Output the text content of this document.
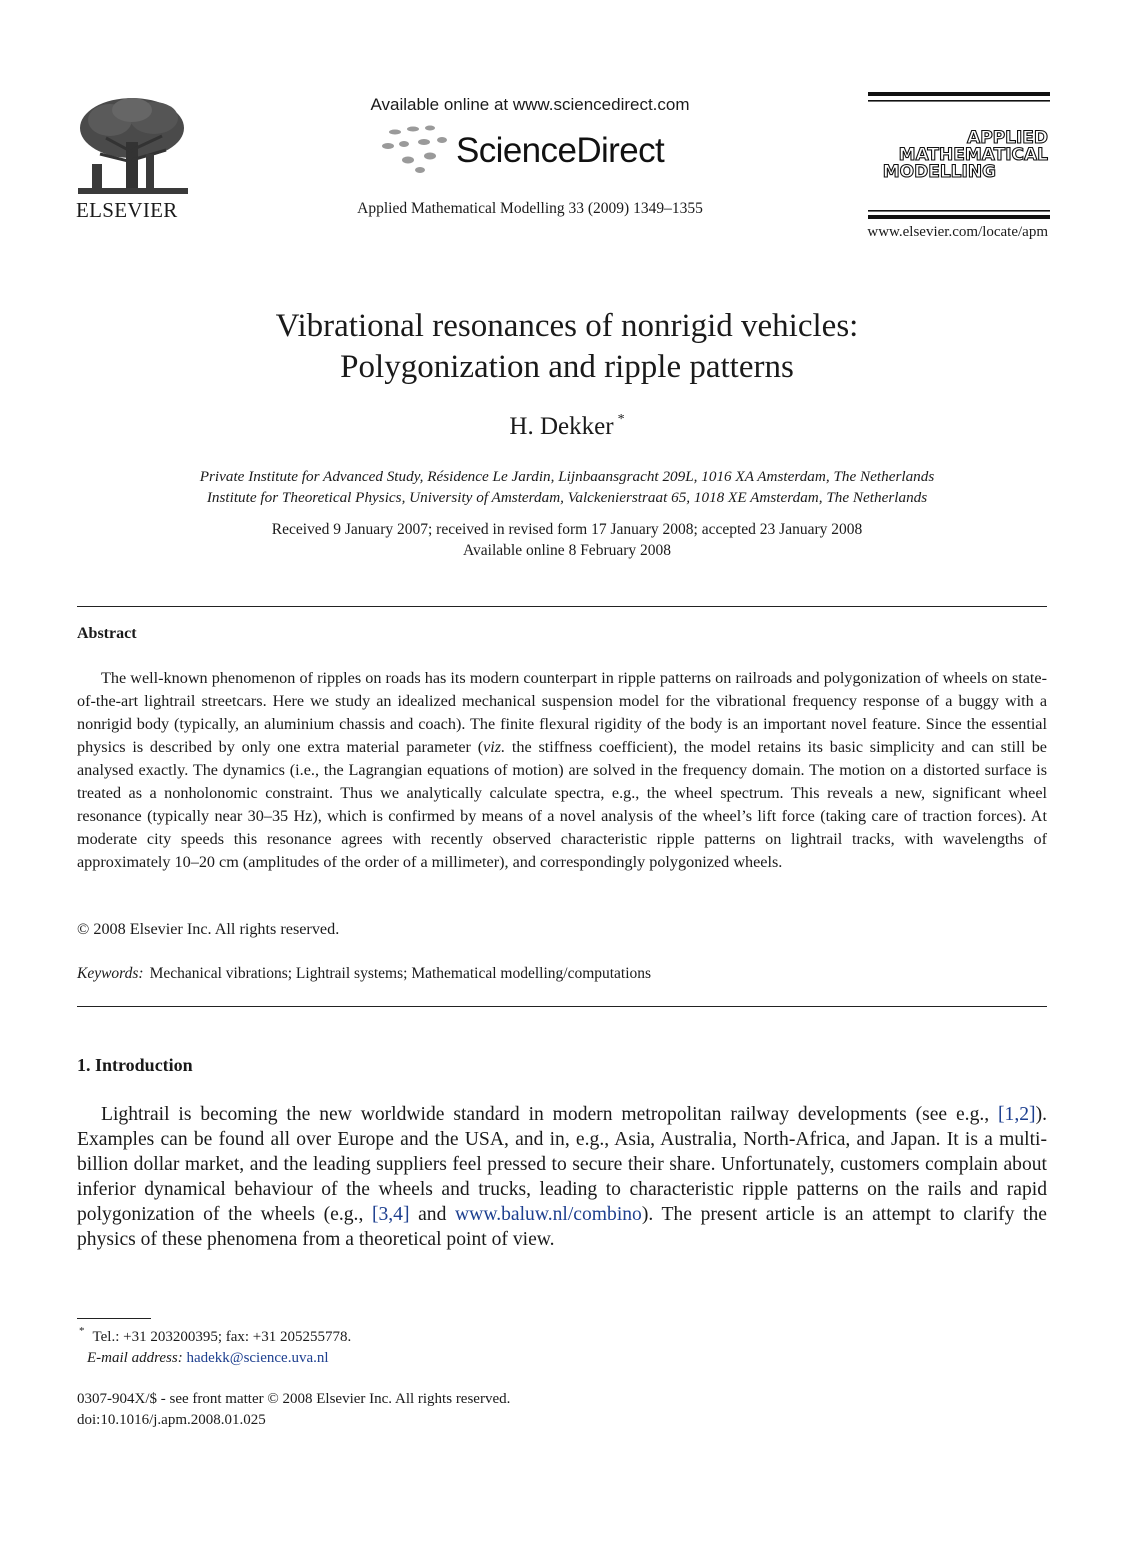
ELSEVIER
Available online at www.sciencedirect.com
ScienceDirect
Applied Mathematical Modelling 33 (2009) 1349–1355
APPLIED
MATHEMATICAL
MODELLING
www.elsevier.com/locate/apm
Vibrational resonances of nonrigid vehicles:
Polygonization and ripple patterns
H. Dekker *
Private Institute for Advanced Study, Résidence Le Jardin, Lijnbaansgracht 209L, 1016 XA Amsterdam, The Netherlands
Institute for Theoretical Physics, University of Amsterdam, Valckenierstraat 65, 1018 XE Amsterdam, The Netherlands
Received 9 January 2007; received in revised form 17 January 2008; accepted 23 January 2008
Available online 8 February 2008
Abstract

The well-known phenomenon of ripples on roads has its modern counterpart in ripple patterns on railroads and polygonization of wheels on state-of-the-art lightrail streetcars. Here we study an idealized mechanical suspension model for the vibrational frequency response of a buggy with a nonrigid body (typically, an aluminium chassis and coach). The finite flexural rigidity of the body is an important novel feature. Since the essential physics is described by only one extra material parameter (viz. the stiffness coefficient), the model retains its basic simplicity and can still be analysed exactly. The dynamics (i.e., the Lagrangian equations of motion) are solved in the frequency domain. The motion on a distorted surface is treated as a nonholonomic constraint. Thus we analytically calculate spectra, e.g., the wheel spectrum. This reveals a new, significant wheel resonance (typically near 30–35 Hz), which is confirmed by means of a novel analysis of the wheel’s lift force (taking care of traction forces). At moderate city speeds this resonance agrees with recently observed characteristic ripple patterns on lightrail tracks, with wavelengths of approximately 10–20 cm (amplitudes of the order of a millimeter), and correspondingly polygonized wheels.

© 2008 Elsevier Inc. All rights reserved.
Keywords: Mechanical vibrations; Lightrail systems; Mathematical modelling/computations
1. Introduction

Lightrail is becoming the new worldwide standard in modern metropolitan railway developments (see e.g., [1,2]). Examples can be found all over Europe and the USA, and in, e.g., Asia, Australia, North-Africa, and Japan. It is a multi-billion dollar market, and the leading suppliers feel pressed to secure their share. Unfortunately, customers complain about inferior dynamical behaviour of the wheels and trucks, leading to characteristic ripple patterns on the rails and rapid polygonization of the wheels (e.g., [3,4] and www.baluw.nl/combino). The present article is an attempt to clarify the physics of these phenomena from a theoretical point of view.

* Tel.: +31 203200395; fax: +31 205255778.
E-mail address: hadekk@science.uva.nl
0307-904X/$ - see front matter © 2008 Elsevier Inc. All rights reserved.
doi:10.1016/j.apm.2008.01.025
